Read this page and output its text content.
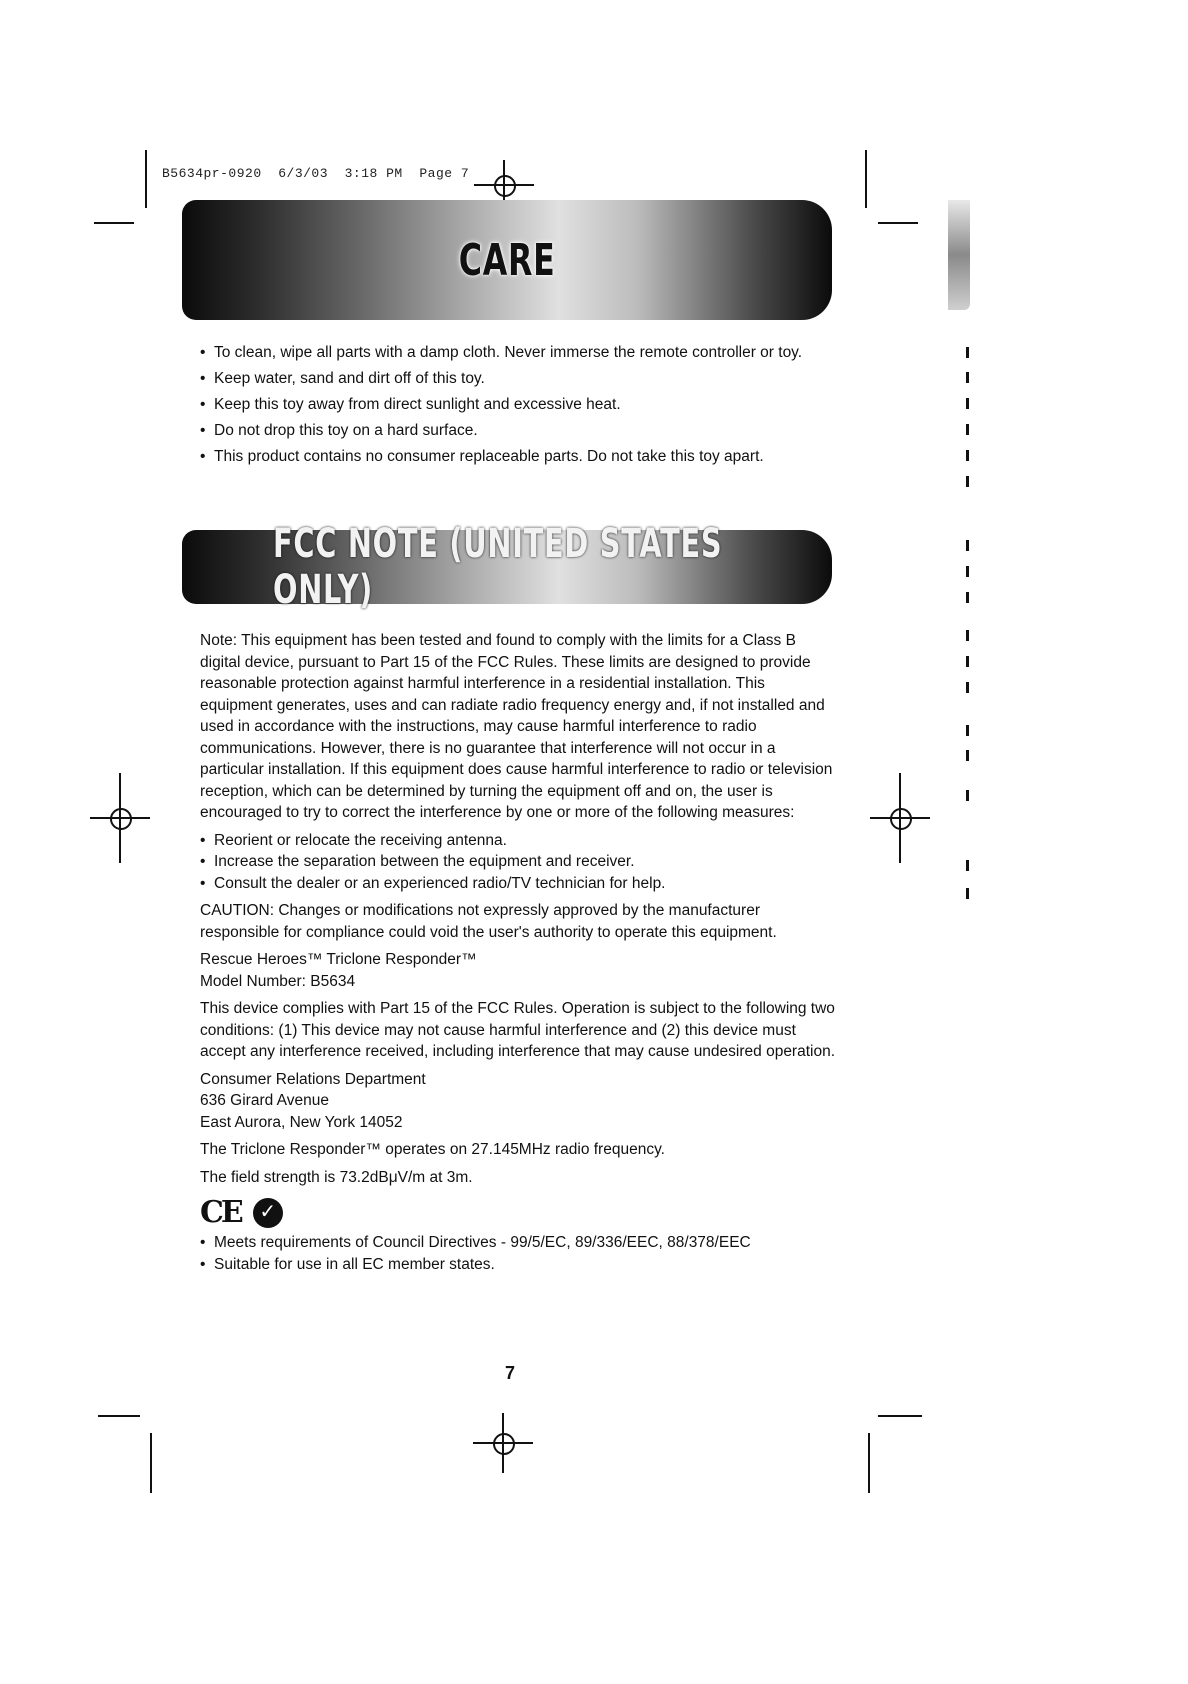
B5634pr-0920  6/3/03  3:18 PM  Page 7
CARE
• To clean, wipe all parts with a damp cloth. Never immerse the remote controller or toy.
• Keep water, sand and dirt off of this toy.
• Keep this toy away from direct sunlight and excessive heat.
• Do not drop this toy on a hard surface.
• This product contains no consumer replaceable parts. Do not take this toy apart.
FCC NOTE (UNITED STATES ONLY)

Note: This equipment has been tested and found to comply with the limits for a Class B digital device, pursuant to Part 15 of the FCC Rules. These limits are designed to provide reasonable protection against harmful interference in a residential installation. This equipment generates, uses and can radiate radio frequency energy and, if not installed and used in accordance with the instructions, may cause harmful interference to radio communications. However, there is no guarantee that interference will not occur in a particular installation. If this equipment does cause harmful interference to radio or television reception, which can be determined by turning the equipment off and on, the user is encouraged to try to correct the interference by one or more of the following measures:

• Reorient or relocate the receiving antenna.
• Increase the separation between the equipment and receiver.
• Consult the dealer or an experienced radio/TV technician for help.

CAUTION: Changes or modifications not expressly approved by the manufacturer responsible for compliance could void the user's authority to operate this equipment.

Rescue Heroes™ Triclone Responder™

Model Number: B5634

This device complies with Part 15 of the FCC Rules. Operation is subject to the following two conditions: (1) This device may not cause harmful interference and (2) this device must accept any interference received, including interference that may cause undesired operation.

Consumer Relations Department

636 Girard Avenue

East Aurora, New York 14052

The Triclone Responder™ operates on 27.145MHz radio frequency.

The field strength is 73.2dBμV/m at 3m.

CE ✓
• Meets requirements of Council Directives - 99/5/EC, 89/336/EEC, 88/378/EEC
• Suitable for use in all EC member states.
7
